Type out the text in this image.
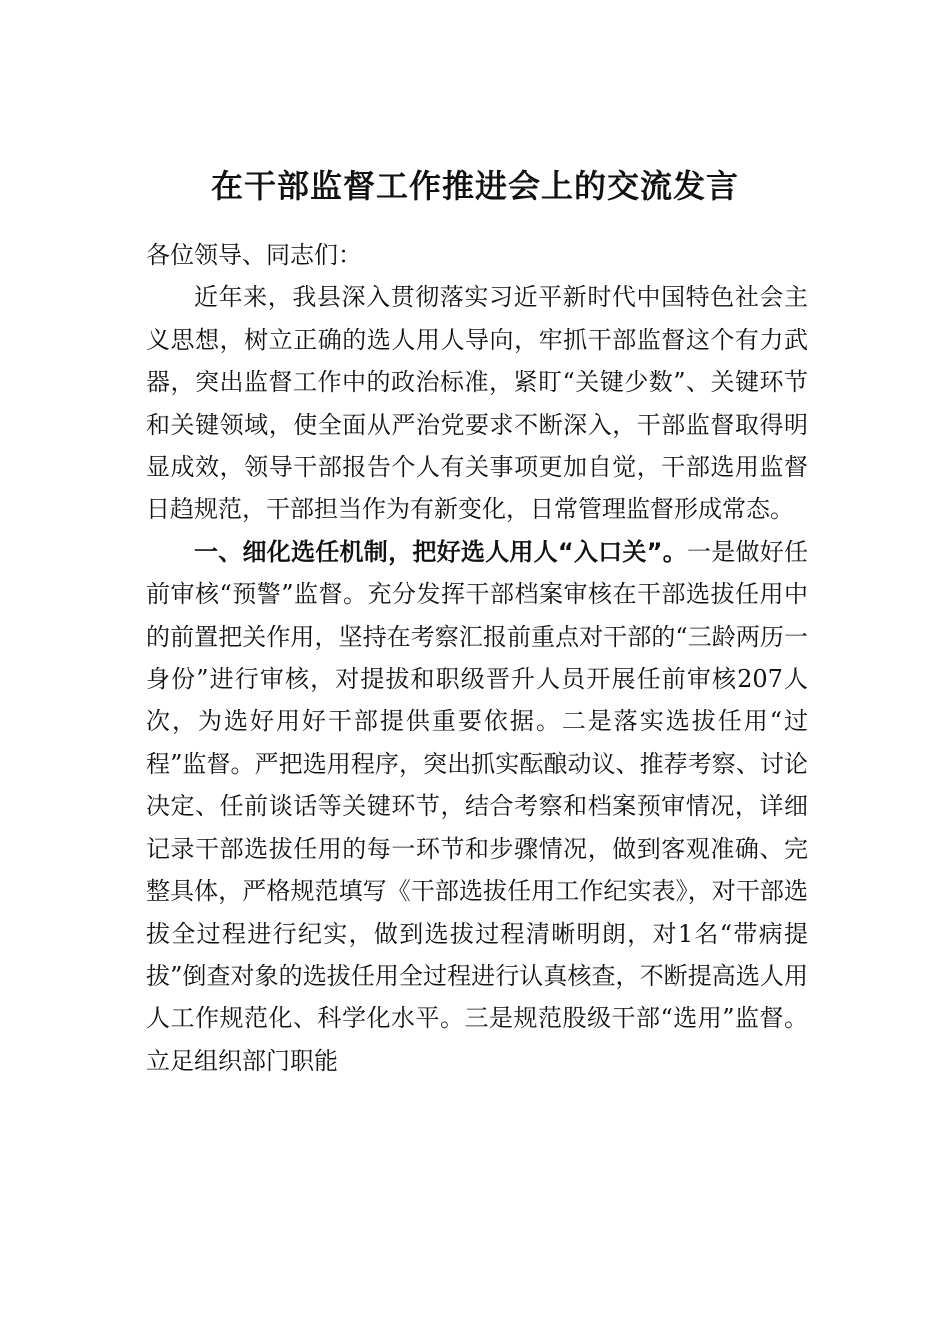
在干部监督工作推进会上的交流发言

各位领导、同志们：

近年来，我县深入贯彻落实习近平新时代中国特色社会主义思想，树立正确的选人用人导向，牢抓干部监督这个有力武器，突出监督工作中的政治标准，紧盯“关键少数”、关键环节和关键领域，使全面从严治党要求不断深入，干部监督取得明显成效，领导干部报告个人有关事项更加自觉，干部选用监督日趋规范，干部担当作为有新变化，日常管理监督形成常态。

一、细化选任机制，把好选人用人“入口关”。一是做好任前审核“预警”监督。充分发挥干部档案审核在干部选拔任用中的前置把关作用，坚持在考察汇报前重点对干部的“三龄两历一身份”进行审核，对提拔和职级晋升人员开展任前审核207人次，为选好用好干部提供重要依据。二是落实选拔任用“过程”监督。严把选用程序，突出抓实酝酿动议、推荐考察、讨论决定、任前谈话等关键环节，结合考察和档案预审情况，详细记录干部选拔任用的每一环节和步骤情况，做到客观准确、完整具体，严格规范填写《干部选拔任用工作纪实表》，对干部选拔全过程进行纪实，做到选拔过程清晰明朗，对1名“带病提拔”倒查对象的选拔任用全过程进行认真核查，不断提高选人用人工作规范化、科学化水平。三是规范股级干部“选用”监督。立足组织部门职能
